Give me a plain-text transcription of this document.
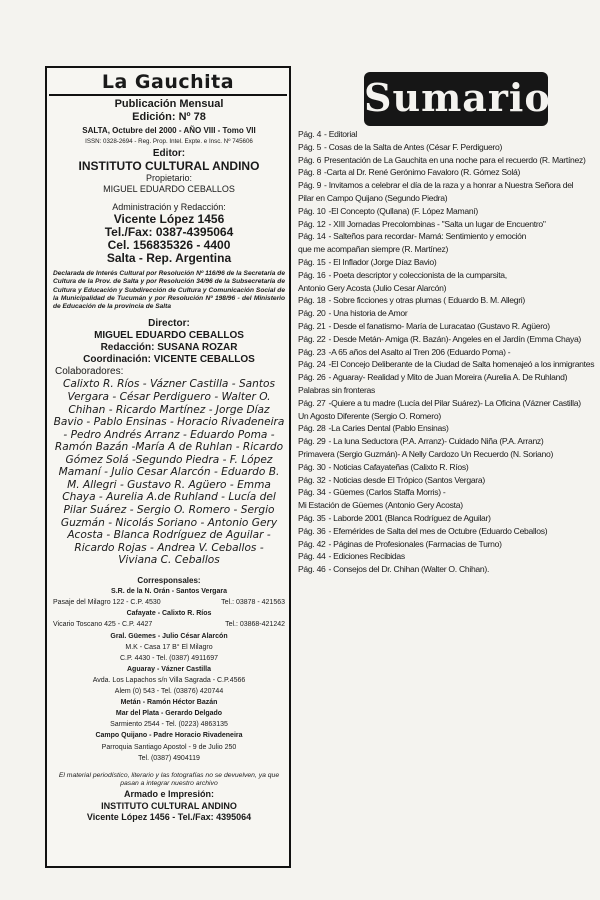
La Gauchita
Publicación Mensual
Edición: Nº 78
SALTA, Octubre del 2000 - AÑO VIII - Tomo VII
ISSN: 0328-2694 - Reg. Prop. Intel. Expte. e Insc. Nº 745606
Editor:
INSTITUTO CULTURAL ANDINO
Propietario:
MIGUEL EDUARDO CEBALLOS
Administración y Redacción:
Vicente López 1456
Tel./Fax: 0387-4395064
Cel. 156835326 - 4400
Salta - Rep. Argentina
Declarada de Interés Cultural por Resolución Nº 116/96 de la Secretaría de Cultura de la Prov. de Salta y por Resolución 34/96 de la Subsecretaría de Cultura y Educación y Subdirección de Cultura y Comunicación Social de la Municipalidad de Tucumán y por Resolución Nº 198/96 - del Ministerio de Educación de la provincia de Salta
Director:
MIGUEL EDUARDO CEBALLOS
Redacción: SUSANA ROZAR
Coordinación: VICENTE CEBALLOS
Colaboradores:
Calixto R. Ríos - Vázner Castilla - Santos
Vergara - César Perdiguero - Walter O.
Chihan - Ricardo Martínez - Jorge Díaz
Bavio - Pablo Ensinas - Horacio Rivadeneira
- Pedro Andrés Arranz - Eduardo Poma -
Ramón Bazán -María A de Ruhlan - Ricardo
Gómez Solá -Segundo Piedra - F. López
Mamaní - Julio Cesar Alarcón - Eduardo B.
M. Allegri - Gustavo R. Agüero - Emma
Chaya - Aurelia A.de Ruhland - Lucía del
Pilar Suárez - Sergio O. Romero - Sergio
Guzmán - Nicolás Soriano - Antonio Gery
Acosta - Blanca Rodríguez de Aguilar -
Ricardo Rojas - Andrea V. Ceballos -
Viviana C. Ceballos
Corresponsales:
S.R. de la N. Orán - Santos Vergara
Pasaje del Milagro 122 - C.P. 4530	Tel.: 03878 - 421563
Cafayate - Calixto R. Ríos
Vicario Toscano 425 - C.P. 4427	Tel.: 03868-421242
Gral. Güemes - Julio César Alarcón
M.K - Casa 17 B° El Milagro
C.P. 4430 - Tel. (0387) 4911697
Aguaray - Vázner Castilla
Avda. Los Lapachos s/n Villa Sagrada - C.P.4566
Alem (0) 543 - Tel. (03876) 420744
Metán - Ramón Héctor Bazán
Mar del Plata - Gerardo Delgado
Sarmiento 2544 - Tel. (0223) 4863135
Campo Quijano - Padre Horacio Rivadeneira
Parroquia Santiago Apostol - 9 de Julio 250
Tel. (0387) 4904119
El material periodístico, literario y las fotografías no se devuelven, ya que pasan a integrar nuestro archivo
Armado e Impresión:
INSTITUTO CULTURAL ANDINO
Vicente López 1456 - Tel./Fax: 4395064
Sumario
Pág. 4 - Editorial
Pág. 5 - Cosas de la Salta de Antes (César F. Perdiguero)
Pág. 6 Presentación de La Gauchita en una noche para el recuerdo (R. Martínez)
Pág. 8 -Carta al Dr. René Gerónimo Favaloro (R. Gómez Solá)
Pág. 9 - Invitamos a celebrar el día de la raza y a honrar a Nuestra Señora del
Pilar en Campo Quijano (Segundo Piedra)
Pág. 10 -El Concepto (Qullana) (F. López Mamaní)
Pág. 12 - XIII Jornadas Precolombinas - "Salta un lugar de Encuentro"
Pág. 14 - Salteños para recordar- Mamá: Sentimiento y emoción
que me acompañan siempre (R. Martínez)
Pág. 15 - El Inflador (Jorge Díaz Bavio)
Pág. 16 - Poeta descriptor y coleccionista de la cumparsita,
Antonio Gery Acosta (Julio Cesar Alarcón)
Pág. 18 - Sobre ficciones y otras plumas ( Eduardo B. M. Allegri)
Pág. 20 - Una historia de Amor
Pág. 21 - Desde el fanatismo- María de Luracatao (Gustavo R. Agüero)
Pág. 22 - Desde Metán- Amiga (R. Bazán)- Angeles en el Jardín (Emma Chaya)
Pág. 23 -A 65 años del Asalto al Tren 206 (Eduardo Poma) -
Pág. 24 -El Concejo Deliberante de la Ciudad de Salta homenajeó a los inmigrantes
Pág. 26 - Aguaray- Realidad y Mito de Juan Moreira (Aurelia A. De Ruhland)
Palabras sin fronteras
Pág. 27 -Quiere a tu madre (Lucía del Pilar Suárez)- La Oficina (Vázner Castilla)
Un Agosto Diferente (Sergio O. Romero)
Pág. 28 -La Caries Dental (Pablo Ensinas)
Pág. 29 - La luna Seductora (P.A. Arranz)- Cuidado Niña (P.A. Arranz)
Primavera (Sergio Guzmán)- A Nelly Cardozo Un Recuerdo (N. Soriano)
Pág. 30 - Noticias Cafayateñas (Calixto R. Ríos)
Pág. 32 - Noticias desde El Trópico (Santos Vergara)
Pág. 34 - Güemes (Carlos Staffa Morris) -
Mi Estación de Güemes (Antonio Gery Acosta)
Pág. 35 - Laborde 2001 (Blanca Rodríguez de Aguilar)
Pág. 36 - Efemérides de Salta del mes de Octubre (Eduardo Ceballos)
Pág. 42 - Páginas de Profesionales (Farmacias de Turno)
Pág. 44 - Ediciones Recibidas
Pág. 46 - Consejos del Dr. Chihan (Walter O. Chihan).
